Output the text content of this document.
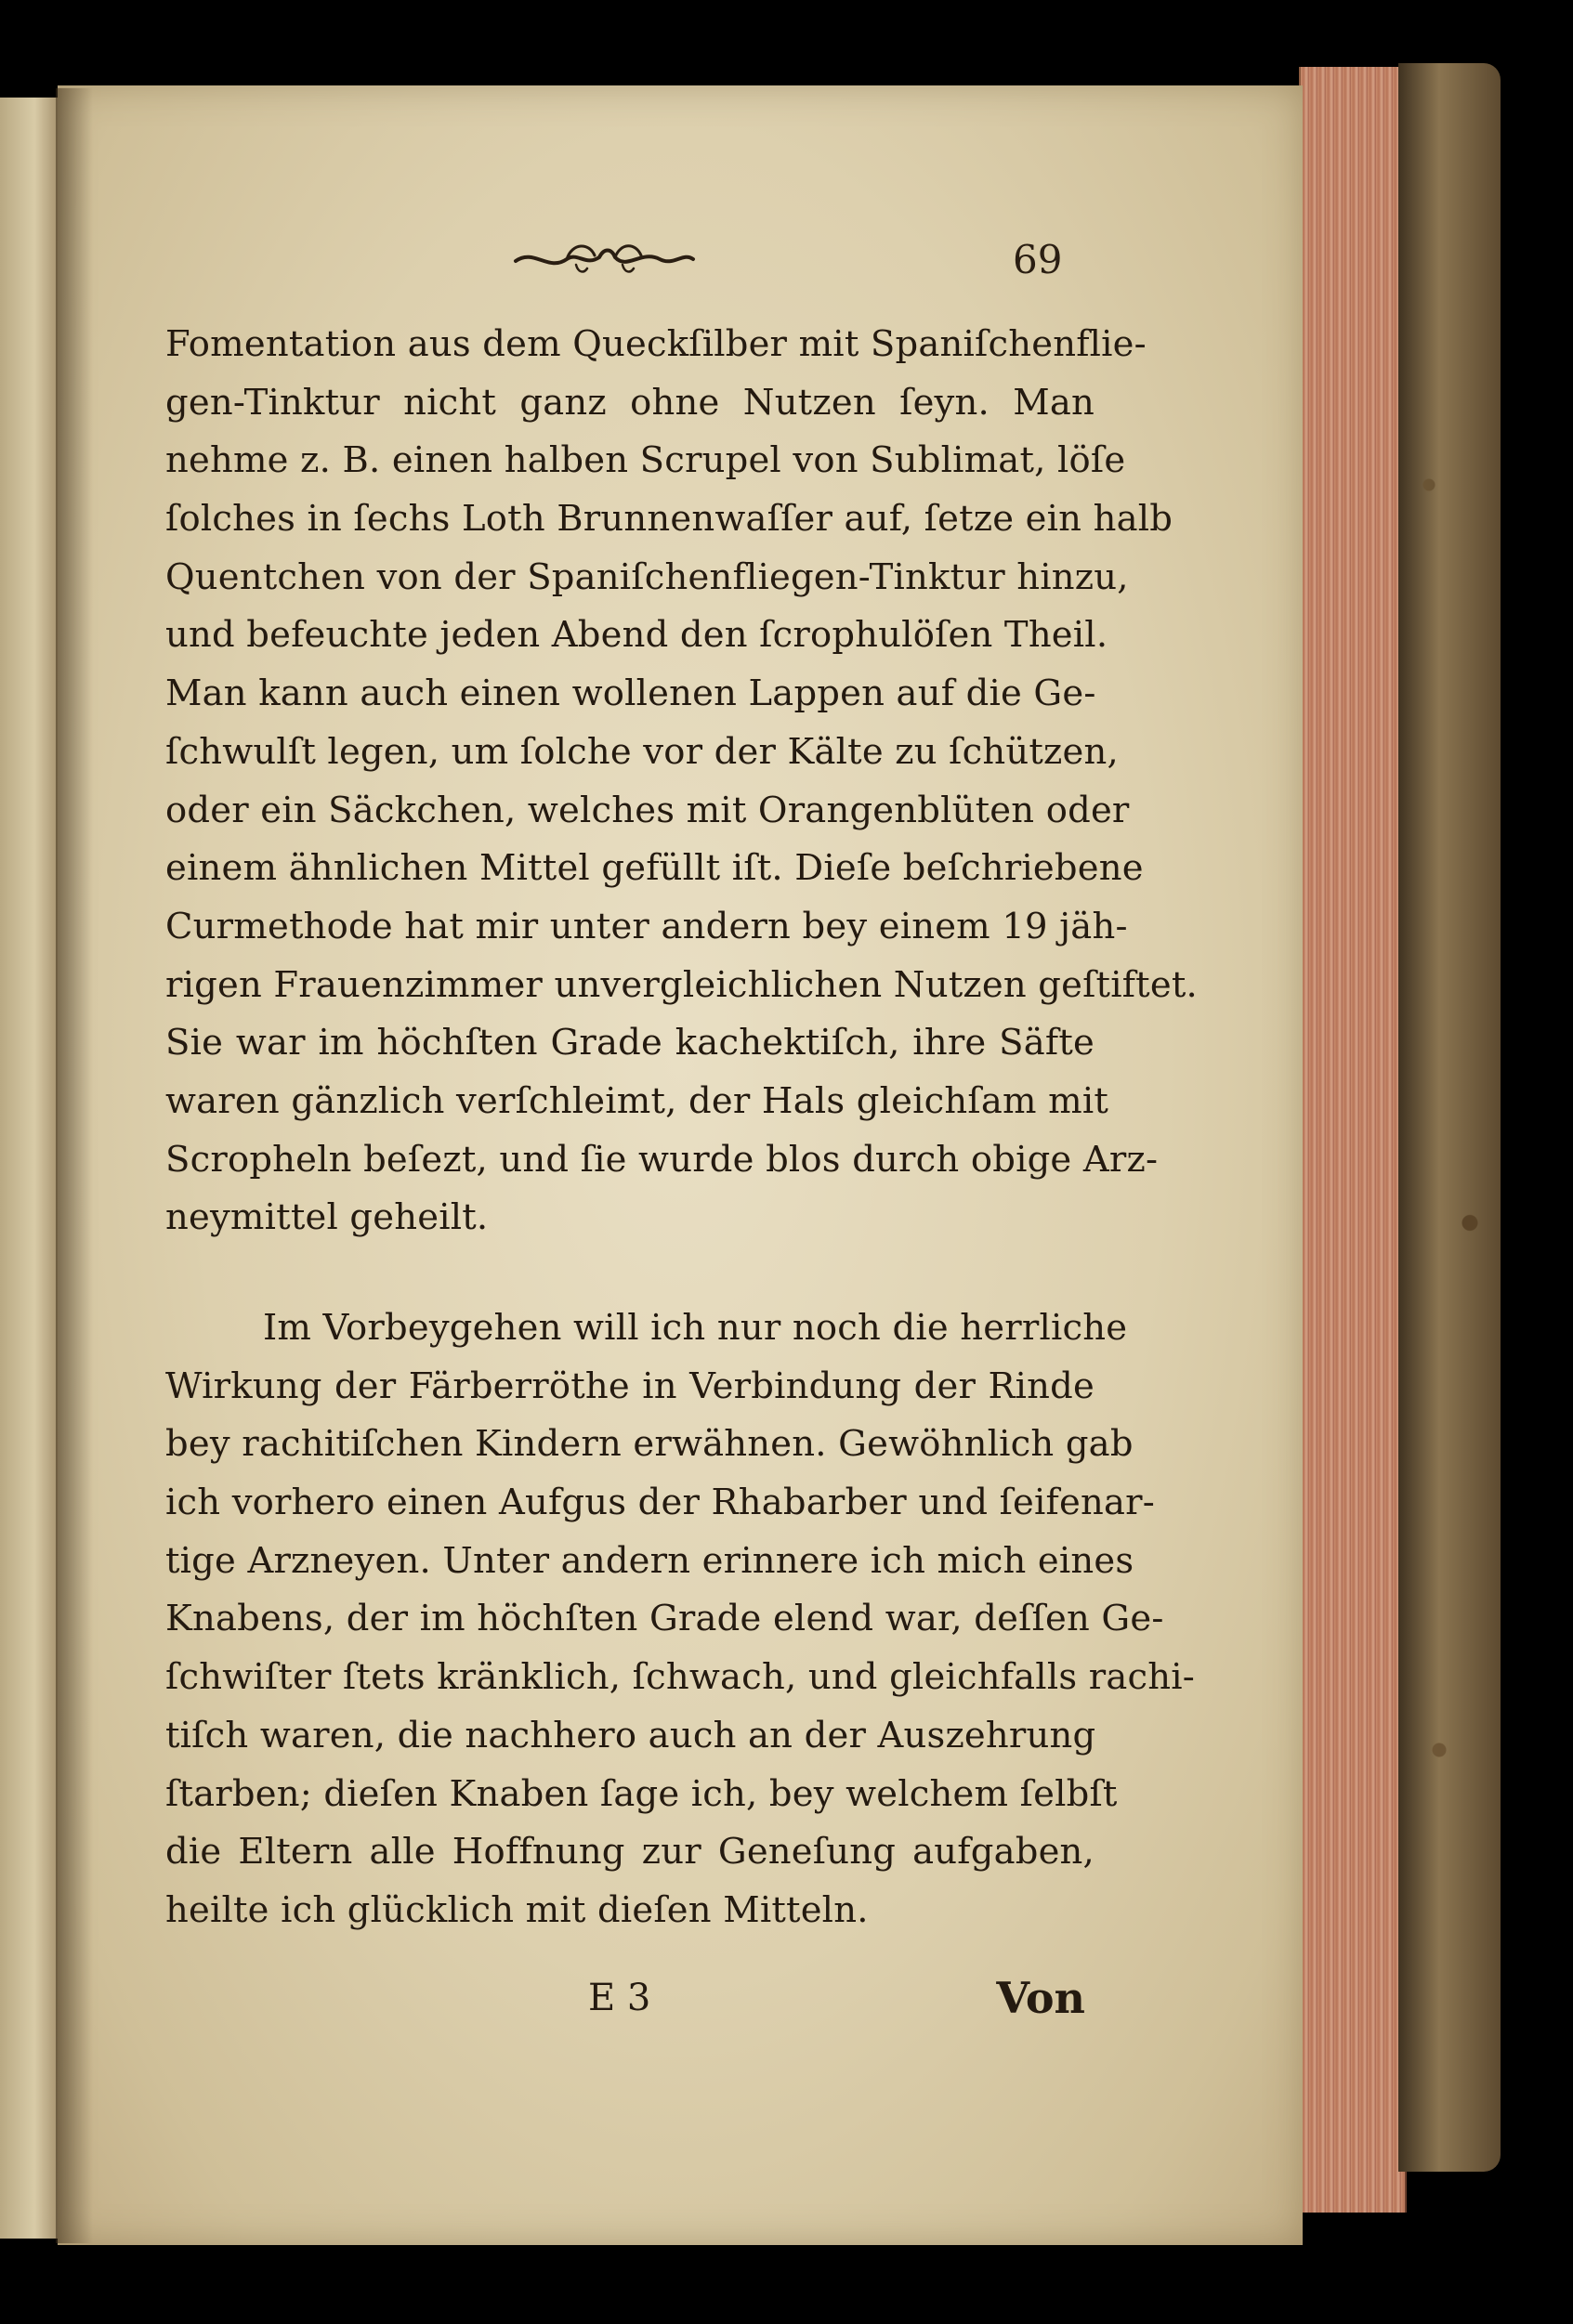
69
Fomentation aus dem Queckſilber mit Spaniſchenflie-
gen-Tinktur nicht ganz ohne Nutzen ſeyn. Man
nehme z. B. einen halben Scrupel von Sublimat, löſe
ſolches in ſechs Loth Brunnenwaſſer auf, ſetze ein halb
Quentchen von der Spaniſchenfliegen-Tinktur hinzu,
und befeuchte jeden Abend den ſcrophulöſen Theil.
Man kann auch einen wollenen Lappen auf die Ge-
ſchwulſt legen, um ſolche vor der Kälte zu ſchützen,
oder ein Säckchen, welches mit Orangenblüten oder
einem ähnlichen Mittel gefüllt iſt. Dieſe beſchriebene
Curmethode hat mir unter andern bey einem 19 jäh-
rigen Frauenzimmer unvergleichlichen Nutzen geſtiftet.
Sie war im höchſten Grade kachektiſch, ihre Säfte
waren gänzlich verſchleimt, der Hals gleichſam mit
Scropheln beſezt, und ſie wurde blos durch obige Arz-
neymittel geheilt.
Im Vorbeygehen will ich nur noch die herrliche
Wirkung der Färberröthe in Verbindung der Rinde
bey rachitiſchen Kindern erwähnen. Gewöhnlich gab
ich vorhero einen Aufgus der Rhabarber und ſeifenar-
tige Arzneyen. Unter andern erinnere ich mich eines
Knabens, der im höchſten Grade elend war, deſſen Ge-
ſchwiſter ſtets kränklich, ſchwach, und gleichfalls rachi-
tiſch waren, die nachhero auch an der Auszehrung
ſtarben; dieſen Knaben ſage ich, bey welchem ſelbſt
die Eltern alle Hoffnung zur Geneſung aufgaben,
heilte ich glücklich mit dieſen Mitteln.
E 3	Von
